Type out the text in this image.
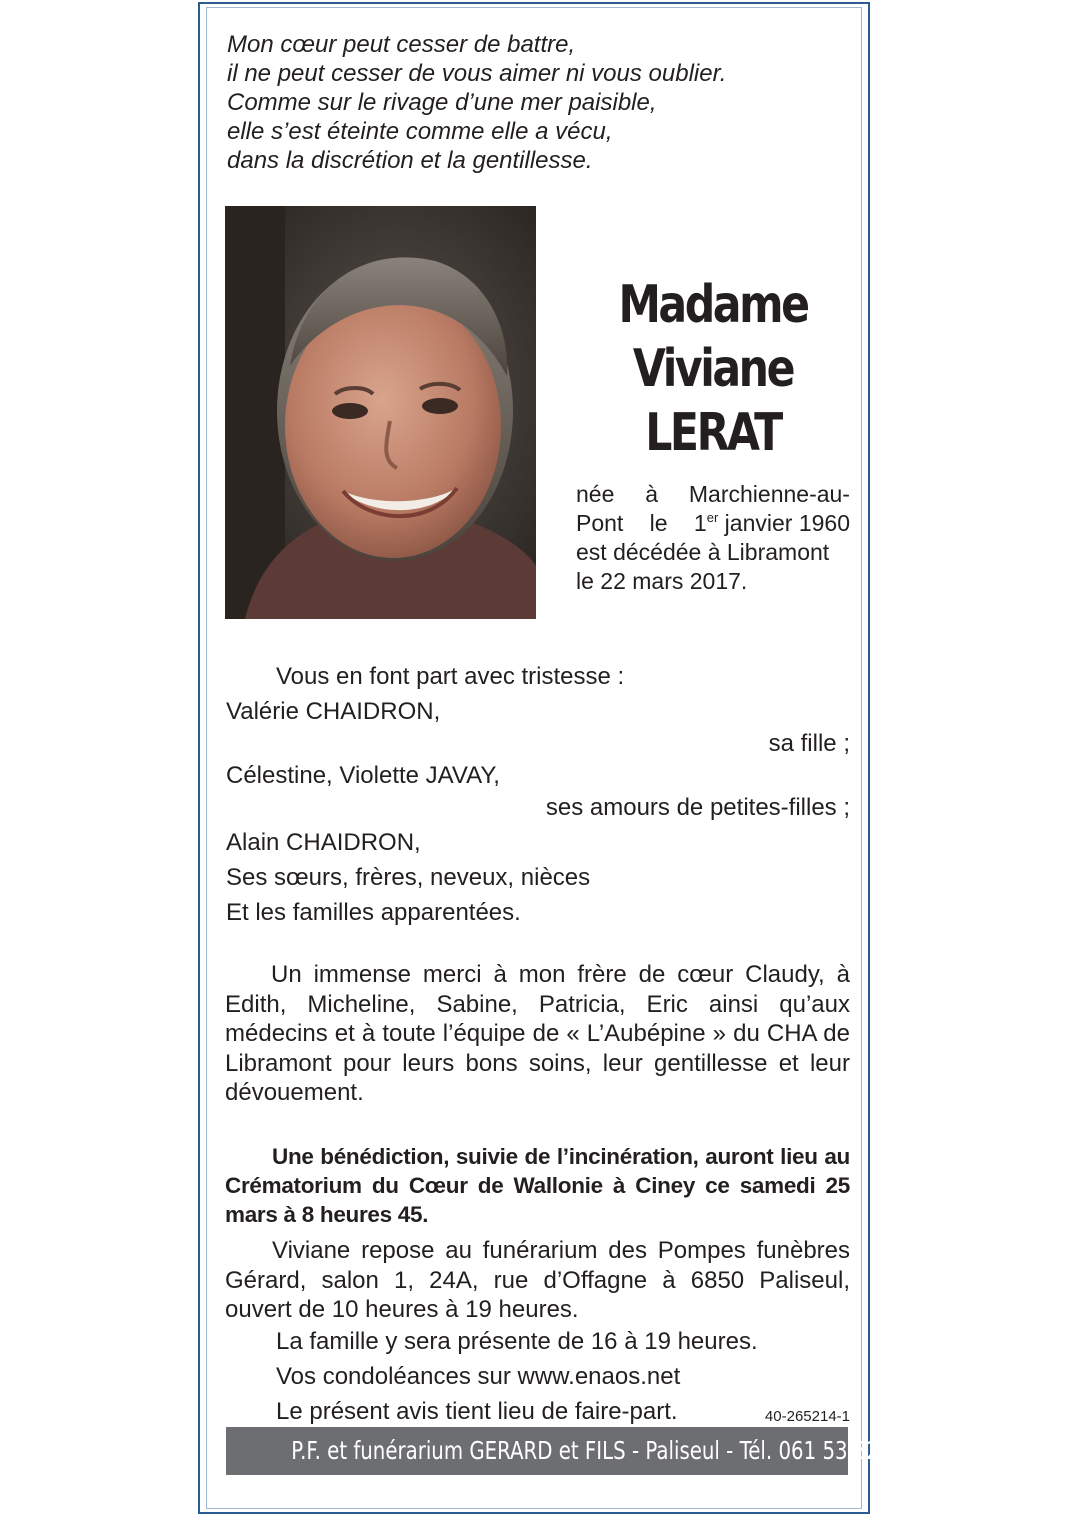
Mon cœur peut cesser de battre,
il ne peut cesser de vous aimer ni vous oublier.
Comme sur le rivage d’une mer paisible,
elle s’est éteinte comme elle a vécu,
dans la discrétion et la gentillesse.
Madame
Viviane
LERAT
née à Marchienne-au-
Pont le 1er janvier 1960
est décédée à Libramont
le 22 mars 2017.
Vous en font part avec tristesse :
Valérie CHAIDRON,
sa fille ;
Célestine, Violette JAVAY,
ses amours de petites-filles ;
Alain CHAIDRON,
Ses sœurs, frères, neveux, nièces
Et les familles apparentées.
Un immense merci à mon frère de cœur Claudy, à Edith, Micheline, Sabine, Patricia, Eric ainsi qu’aux médecins et à toute l’équipe de « L’Aubépine » du CHA de Libramont pour leurs bons soins, leur gentillesse et leur dévouement.
Une bénédiction, suivie de l’incinération, auront lieu au Crématorium du Cœur de Wallonie à Ciney ce samedi 25 mars à 8 heures 45.
Viviane repose au funérarium des Pompes funèbres Gérard, salon 1, 24A, rue d’Offagne à 6850 Paliseul, ouvert de 10 heures à 19 heures.
La famille y sera présente de 16 à 19 heures.
Vos condoléances sur www.enaos.net
Le présent avis tient lieu de faire-part.	40-265214-1
P.F. et funérarium GERARD et FILS - Paliseul - Tél. 061 53 32 84
